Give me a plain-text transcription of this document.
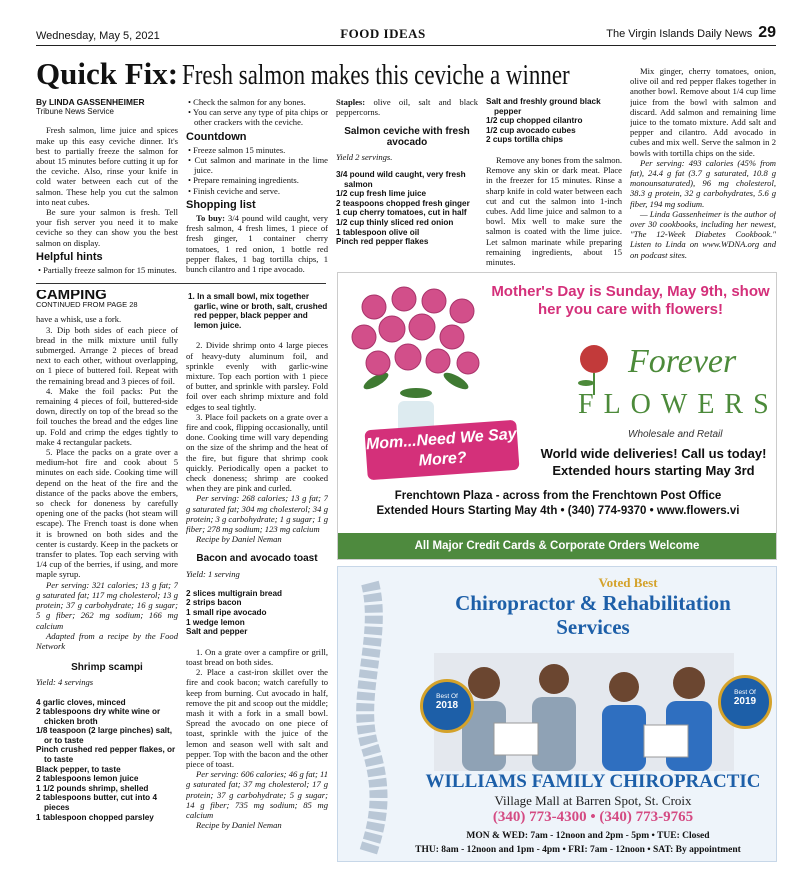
Wednesday, May 5, 2021	FOOD IDEAS	The Virgin Islands Daily News 29
Quick Fix: Fresh salmon makes this ceviche a winner
By LINDA GASSENHEIMER
Tribune News Service

Fresh salmon, lime juice and spices make up this easy ceviche dinner. It's best to partially freeze the salmon for about 15 minutes before cutting it up for the ceviche. Also, rinse your knife in cold water between each cut of the salmon. These help you cut the salmon into neat cubes.

Be sure your salmon is fresh. Tell your fish server you need it to make ceviche so they can show you the best salmon on display.

Helpful hints

• Partially freeze salmon for 15 minutes.

• Check the salmon for any bones.

• You can serve any type of pita chips or other crackers with the ceviche.

Countdown

• Freeze salmon 15 minutes.

• Cut salmon and marinate in the lime juice.

• Prepare remaining ingredients.

• Finish ceviche and serve.

Shopping list

To buy: 3/4 pound wild caught, very fresh salmon, 4 fresh limes, 1 piece of fresh ginger, 1 container cherry tomatoes, 1 red onion, 1 bottle red pepper flakes, 1 bag tortilla chips, 1 bunch cilantro and 1 ripe avocado.

Staples: olive oil, salt and black peppercorns.

Salmon ceviche with fresh avocado

Yield 2 servings.

3/4 pound wild caught, very fresh salmon
1/2 cup fresh lime juice
2 teaspoons chopped fresh ginger
1 cup cherry tomatoes, cut in half
1/2 cup thinly sliced red onion
1 tablespoon olive oil
Pinch red pepper flakes
Salt and freshly ground black pepper
1/2 cup chopped cilantro
1/2 cup avocado cubes
2 cups tortilla chips

Remove any bones from the salmon. Remove any skin or dark meat. Place in the freezer for 15 minutes. Rinse a sharp knife in cold water between each cut and cut the salmon into 1-inch cubes. Add lime juice and salmon to a bowl. Mix well to make sure the salmon is coated with the lime juice. Let salmon marinate while preparing remaining ingredients, about 15 minutes.

Mix ginger, cherry tomatoes, onion, olive oil and red pepper flakes together in another bowl. Remove about 1/4 cup lime juice from the bowl with salmon and discard. Add salmon and remaining lime juice to the tomato mixture. Add salt and pepper and cilantro. Add avocado in cubes and mix well. Serve the salmon in 2 bowls with tortilla chips on the side.

Per serving: 493 calories (45% from fat), 24.4 g fat (3.7 g saturated, 10.8 g monounsaturated), 96 mg cholesterol, 38.3 g protein, 32 g carbohydrates, 5.6 g fiber, 194 mg sodium.

— Linda Gassenheimer is the author of over 30 cookbooks, including her newest, "The 12-Week Diabetes Cookbook." Listen to Linda on www.WDNA.org and on podcast sites.

CAMPING
CONTINUED FROM PAGE 28

have a whisk, use a fork.

3. Dip both sides of each piece of bread in the milk mixture until fully submerged. Arrange 2 pieces of bread next to each other, without overlapping, on 1 piece of buttered foil. Repeat with the remaining bread and 3 pieces of foil.

4. Make the foil packs: Put the remaining 4 pieces of foil, buttered-side down, directly on top of the bread so the foil touches the bread and the edges line up. Fold and crimp the edges tightly to make 4 rectangular packets.

5. Place the packs on a grate over a medium-hot fire and cook about 5 minutes on each side. Cooking time will depend on the heat of the fire and the distance of the packs above the embers, so check for doneness by carefully opening one of the packs (hot steam will escape). The French toast is done when it is browned on both sides and the center is custardy. Keep in the packets or transfer to plates. Top each serving with 1/4 cup of the berries, if using, and more maple syrup.

Per serving: 321 calories; 13 g fat; 7 g saturated fat; 117 mg cholesterol; 13 g protein; 37 g carbohydrate; 16 g sugar; 5 g fiber; 262 mg sodium; 166 mg calcium

Adapted from a recipe by the Food Network

Shrimp scampi

Yield: 4 servings

4 garlic cloves, minced
2 tablespoons dry white wine or chicken broth
1/8 teaspoon (2 large pinches) salt, or to taste
Pinch crushed red pepper flakes, or to taste
Black pepper, to taste
2 tablespoons lemon juice
1 1/2 pounds shrimp, shelled
2 tablespoons butter, cut into 4 pieces
1 tablespoon chopped parsley
1. In a small bowl, mix together garlic, wine or broth, salt, crushed red pepper, black pepper and lemon juice.

2. Divide shrimp onto 4 large pieces of heavy-duty aluminum foil, and sprinkle evenly with garlic-wine mixture. Top each portion with 1 piece of butter, and sprinkle with parsley. Fold foil over each shrimp mixture and fold edges to seal tightly.

3. Place foil packets on a grate over a fire and cook, flipping occasionally, until done. Cooking time will vary depending on the size of the shrimp and the heat of the fire, but figure that shrimp cook quickly. Periodically open a packet to check doneness; shrimp are cooked when they are pink and curled.

Per serving: 268 calories; 13 g fat; 7 g saturated fat; 304 mg cholesterol; 34 g protein; 3 g carbohydrate; 1 g sugar; 1 g fiber; 278 mg sodium; 123 mg calcium

Recipe by Daniel Neman

Bacon and avocado toast

Yield: 1 serving

2 slices multigrain bread
2 strips bacon
1 small ripe avocado
1 wedge lemon
Salt and pepper

1. On a grate over a campfire or grill, toast bread on both sides.

2. Place a cast-iron skillet over the fire and cook bacon; watch carefully to keep from burning. Cut avocado in half, remove the pit and scoop out the middle; mash it with a fork in a small bowl. Spread the avocado on one piece of toast, sprinkle with the juice of the lemon and season well with salt and pepper. Top with the bacon and the other piece of toast.

Per serving: 606 calories; 46 g fat; 11 g saturated fat; 37 mg cholesterol; 17 g protein; 37 g carbohydrate; 5 g sugar; 14 g fiber; 735 mg sodium; 85 mg calcium

Recipe by Daniel Neman

Mother's Day is Sunday, May 9th, show her you care with flowers!
Forever
FLOWERS
Wholesale and Retail
Mom...Need We Say More?	World wide deliveries! Call us today! Extended hours starting May 3rd
Frenchtown Plaza - across from the Frenchtown Post Office
Extended Hours Starting May 4th • (340) 774-9370 • www.flowers.vi
All Major Credit Cards & Corporate Orders Welcome
Voted Best
Chiropractor & Rehabilitation Services
Best Of
2018
Best Of
2019
WILLIAMS FAMILY CHIROPRACTIC
Village Mall at Barren Spot, St. Croix
(340) 773-4300 • (340) 773-9765
MON & WED: 7am - 12noon and 2pm - 5pm • TUE: Closed
THU: 8am - 12noon and 1pm - 4pm • FRI: 7am - 12noon • SAT: By appointment
